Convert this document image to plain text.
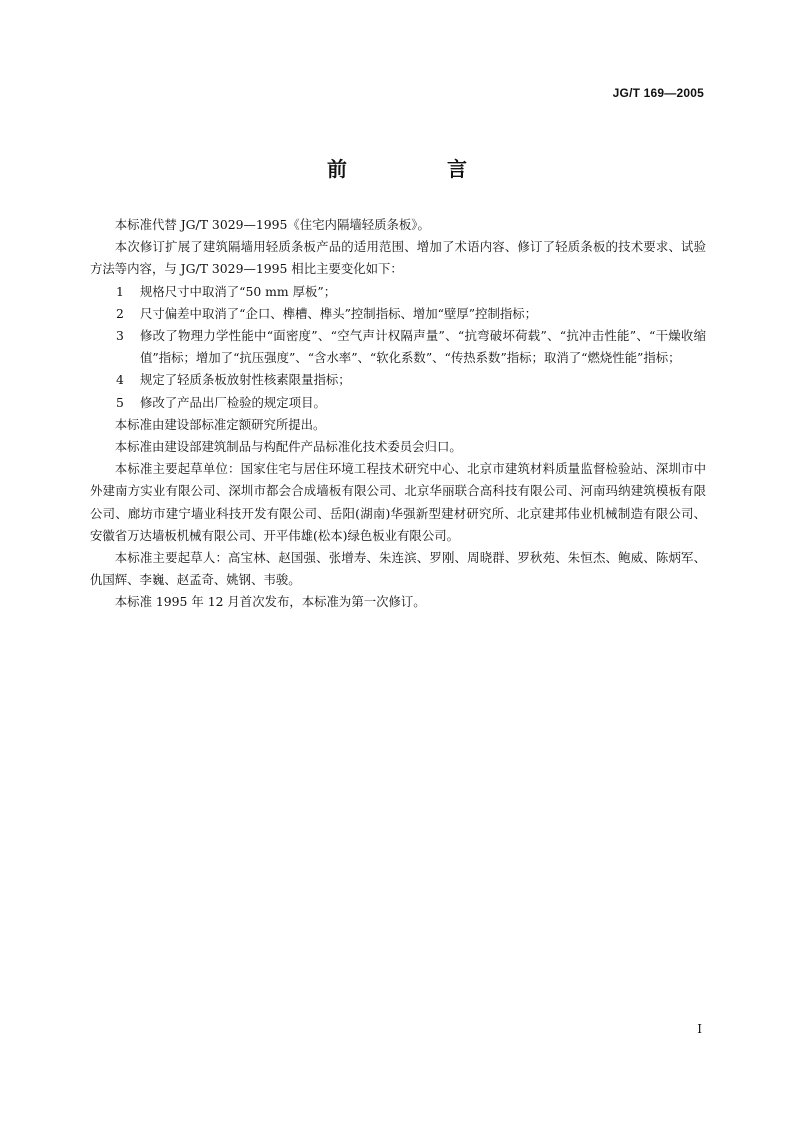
JG/T 169—2005
前　言

本标准代替 JG/T 3029—1995《住宅内隔墙轻质条板》。

本次修订扩展了建筑隔墙用轻质条板产品的适用范围、增加了术语内容、修订了轻质条板的技术要求、试验方法等内容，与 JG/T 3029—1995 相比主要变化如下：

1	规格尺寸中取消了“50 mm 厚板”；
2	尺寸偏差中取消了“企口、榫槽、榫头”控制指标、增加“壁厚”控制指标；
3	修改了物理力学性能中“面密度”、“空气声计权隔声量”、“抗弯破坏荷载”、“抗冲击性能”、“干燥收缩值”指标；增加了“抗压强度”、“含水率”、“软化系数”、“传热系数”指标；取消了“燃烧性能”指标；
4	规定了轻质条板放射性核素限量指标；
5	修改了产品出厂检验的规定项目。

本标准由建设部标准定额研究所提出。

本标准由建设部建筑制品与构配件产品标准化技术委员会归口。

本标准主要起草单位：国家住宅与居住环境工程技术研究中心、北京市建筑材料质量监督检验站、深圳市中外建南方实业有限公司、深圳市都会合成墙板有限公司、北京华丽联合高科技有限公司、河南玛纳建筑模板有限公司、廊坊市建宁墙业科技开发有限公司、岳阳(湖南)华强新型建材研究所、北京建邦伟业机械制造有限公司、安徽省万达墙板机械有限公司、开平伟雄(松本)绿色板业有限公司。

本标准主要起草人：高宝林、赵国强、张增寿、朱连滨、罗刚、周晓群、罗秋苑、朱恒杰、鲍威、陈炳军、仇国辉、李巍、赵孟奇、姚钢、韦骏。

本标准 1995 年 12 月首次发布，本标准为第一次修订。

I
